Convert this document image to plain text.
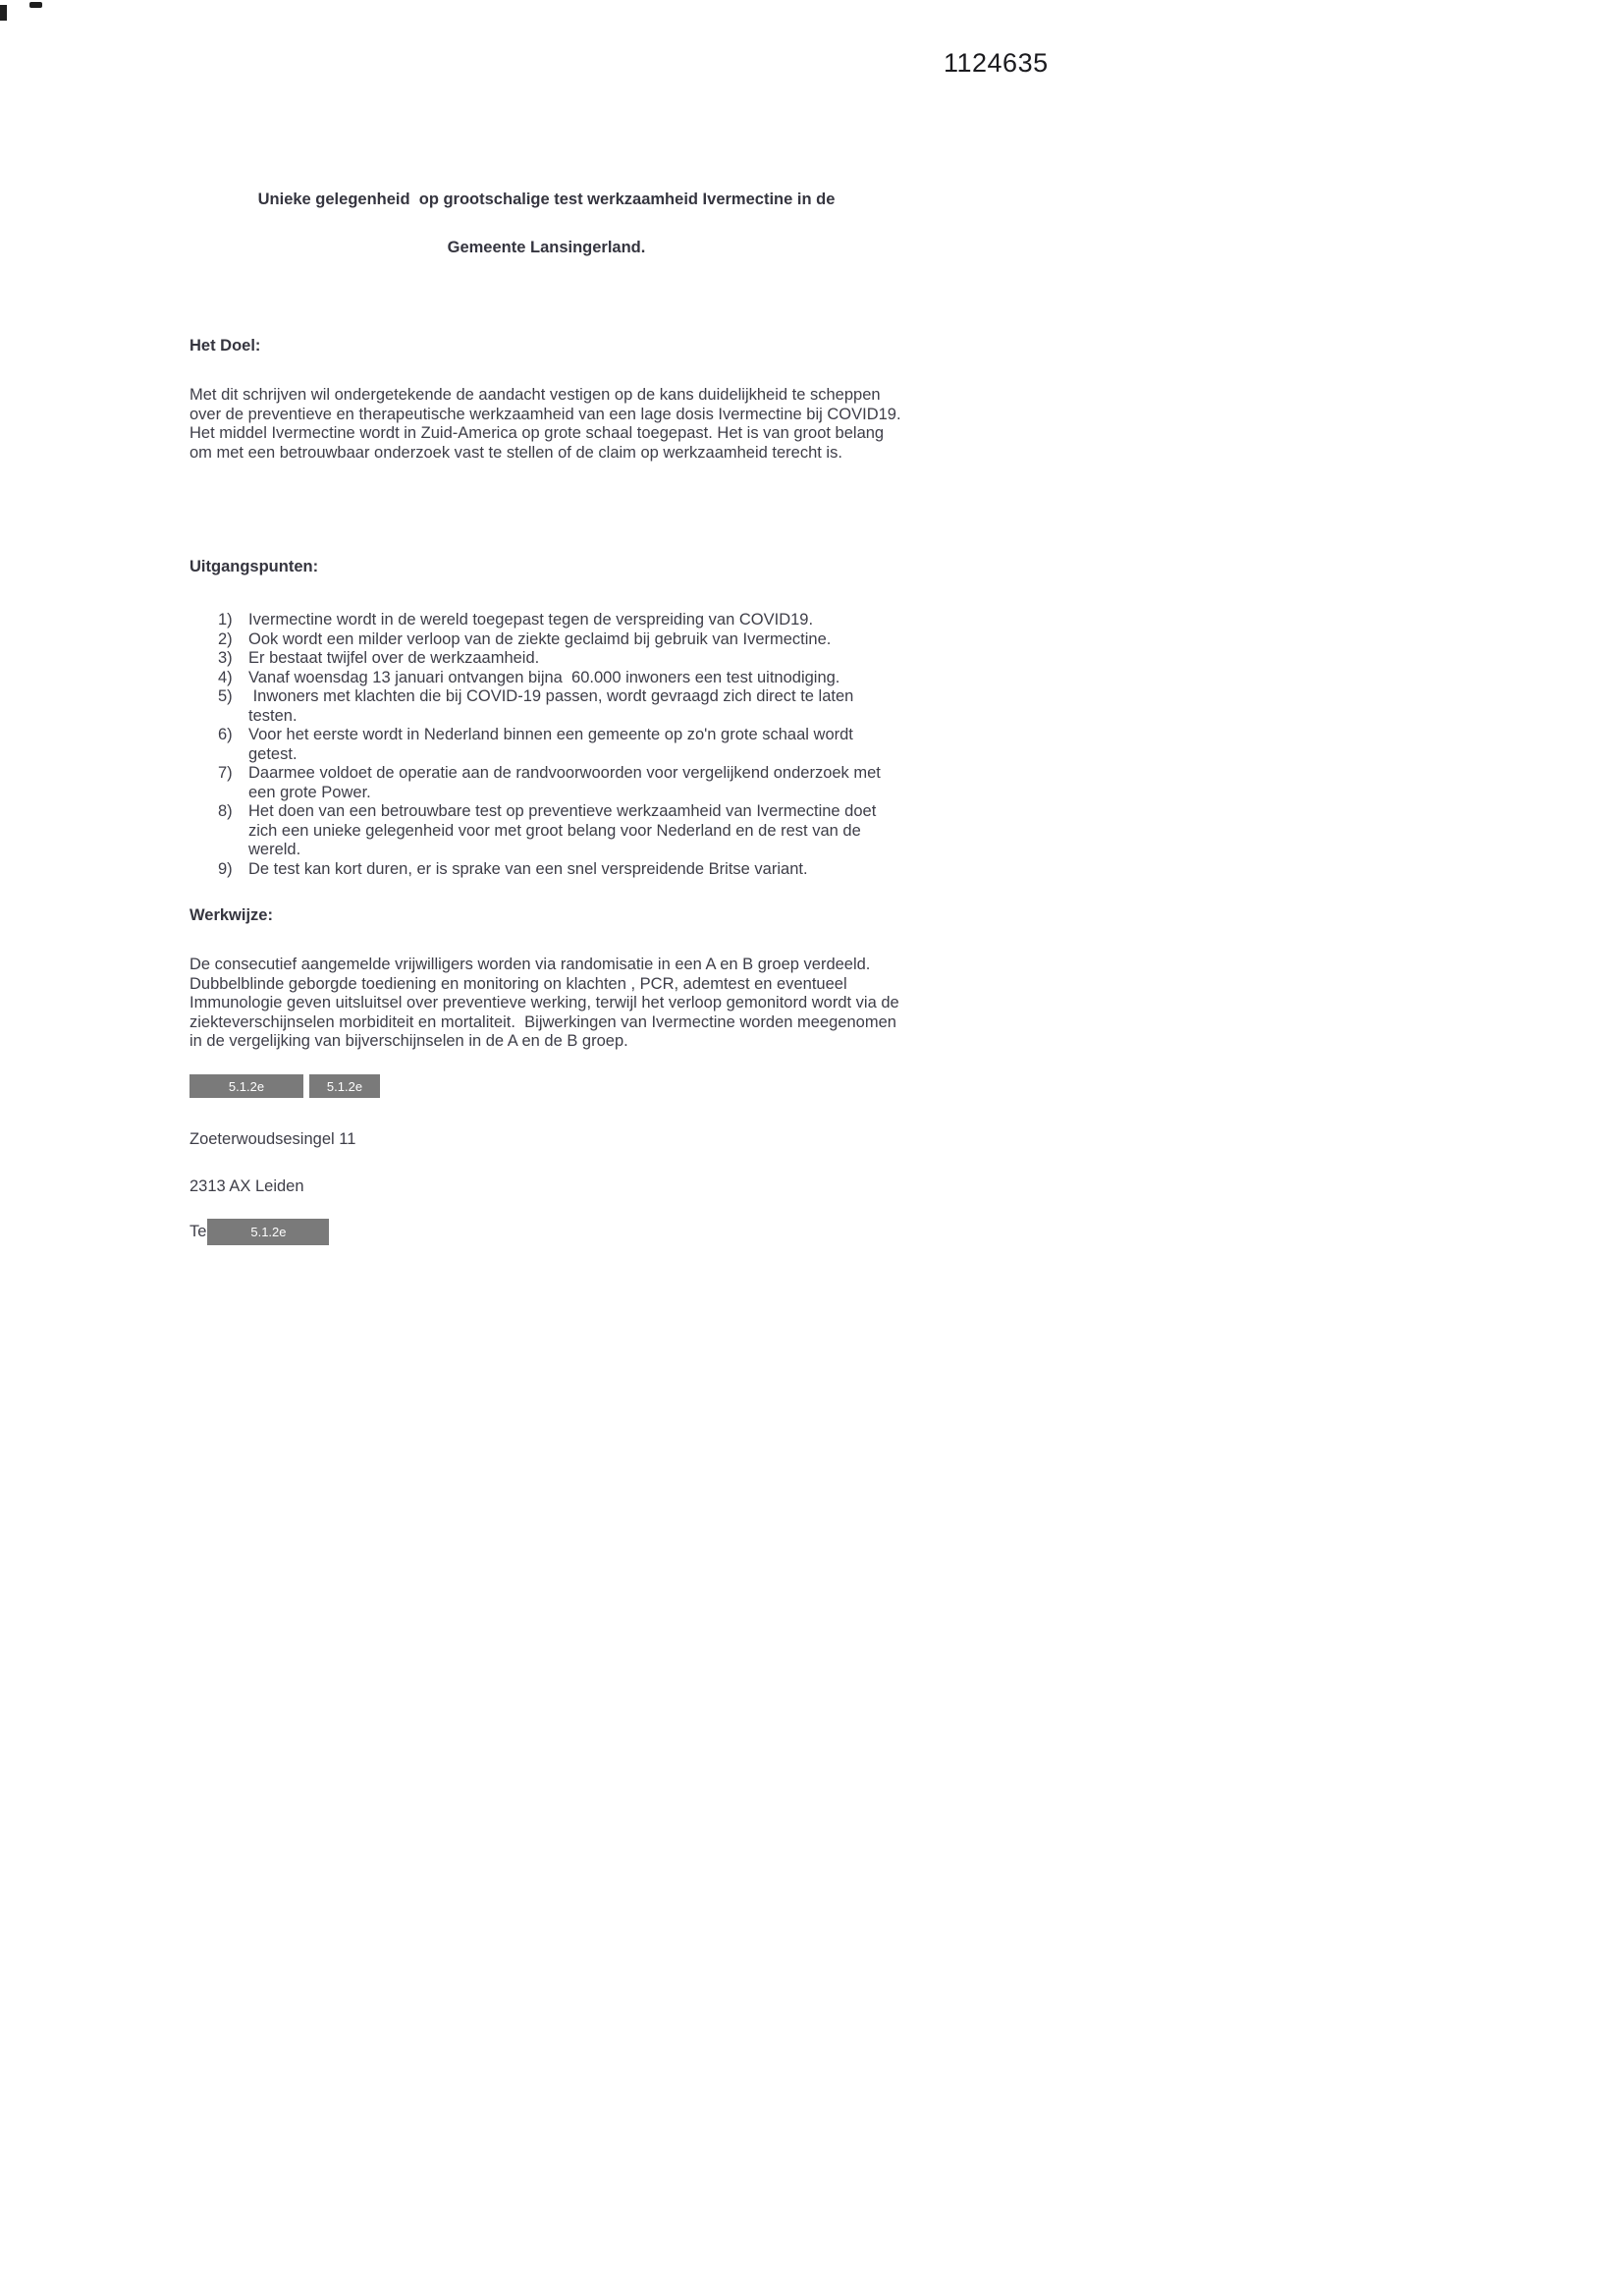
1124635
Unieke gelegenheid  op grootschalige test werkzaamheid Ivermectine in de
Gemeente Lansingerland.
Het Doel:
Met dit schrijven wil ondergetekende de aandacht vestigen op de kans duidelijkheid te scheppen over de preventieve en therapeutische werkzaamheid van een lage dosis Ivermectine bij COVID19. Het middel Ivermectine wordt in Zuid-America op grote schaal toegepast. Het is van groot belang om met een betrouwbaar onderzoek vast te stellen of de claim op werkzaamheid terecht is.
Uitgangspunten:
1) Ivermectine wordt in de wereld toegepast tegen de verspreiding van COVID19.
2) Ook wordt een milder verloop van de ziekte geclaimd bij gebruik van Ivermectine.
3) Er bestaat twijfel over de werkzaamheid.
4) Vanaf woensdag 13 januari ontvangen bijna  60.000 inwoners een test uitnodiging.
5) Inwoners met klachten die bij COVID-19 passen, wordt gevraagd zich direct te laten testen.
6) Voor het eerste wordt in Nederland binnen een gemeente op zo'n grote schaal wordt getest.
7) Daarmee voldoet de operatie aan de randvoorwoorden voor vergelijkend onderzoek met een grote Power.
8) Het doen van een betrouwbare test op preventieve werkzaamheid van Ivermectine doet zich een unieke gelegenheid voor met groot belang voor Nederland en de rest van de wereld.
9) De test kan kort duren, er is sprake van een snel verspreidende Britse variant.
Werkwijze:
De consecutief aangemelde vrijwilligers worden via randomisatie in een A en B groep verdeeld. Dubbelblinde geborgde toediening en monitoring on klachten , PCR, ademtest en eventueel Immunologie geven uitsluitsel over preventieve werking, terwijl het verloop gemonitord wordt via de ziekteverschijnselen morbiditeit en mortaliteit.  Bijwerkingen van Ivermectine worden meegenomen in de vergelijking van bijverschijnselen in de A en de B groep.
5.1.2e	5.1.2e
Zoeterwoudsesingel 11
2313 AX Leiden
Te	5.1.2e
